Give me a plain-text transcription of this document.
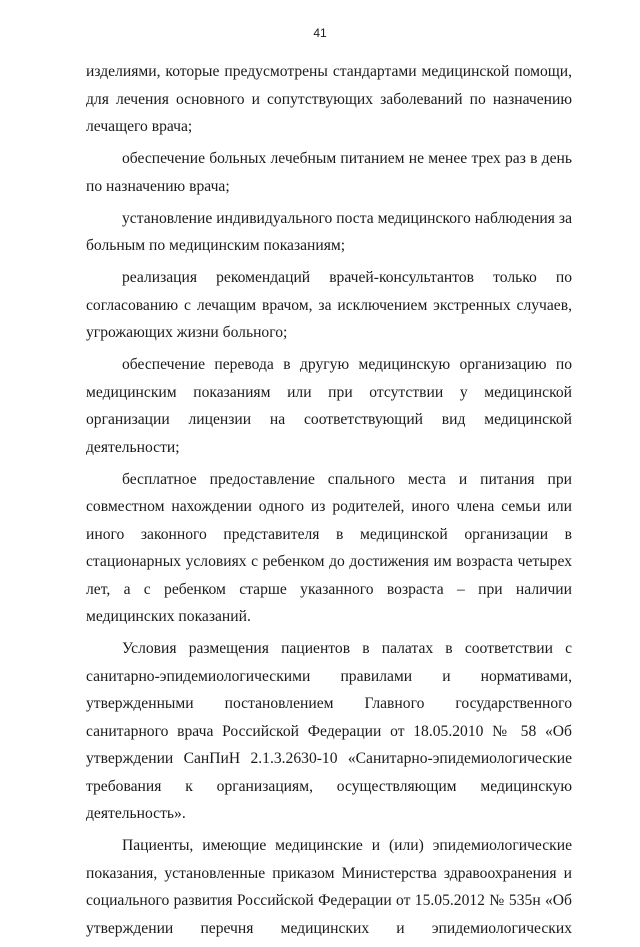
41

изделиями, которые предусмотрены стандартами медицинской помощи, для лечения основного и сопутствующих заболеваний по назначению лечащего врача;

обеспечение больных лечебным питанием не менее трех раз в день по назначению врача;

установление индивидуального поста медицинского наблюдения за больным по медицинским показаниям;

реализация рекомендаций врачей-консультантов только по согласованию с лечащим врачом, за исключением экстренных случаев, угрожающих жизни больного;

обеспечение перевода в другую медицинскую организацию по медицинским показаниям или при отсутствии у медицинской организации лицензии на соответствующий вид медицинской деятельности;

бесплатное предоставление спального места и питания при совместном нахождении одного из родителей, иного члена семьи или иного законного представителя в медицинской организации в стационарных условиях с ребенком до достижения им возраста четырех лет, а с ребенком старше указанного возраста – при наличии медицинских показаний.

Условия размещения пациентов в палатах в соответствии с санитарно-эпидемиологическими правилами и нормативами, утвержденными постановлением Главного государственного санитарного врача Российской Федерации от 18.05.2010 № 58 «Об утверждении СанПиН 2.1.3.2630-10 «Санитарно-эпидемиологические требования к организациям, осуществляющим медицинскую деятельность».

Пациенты, имеющие медицинские и (или) эпидемиологические показания, установленные приказом Министерства здравоохранения и социального развития Российской Федерации от 15.05.2012 № 535н «Об утверждении перечня медицинских и эпидемиологических
